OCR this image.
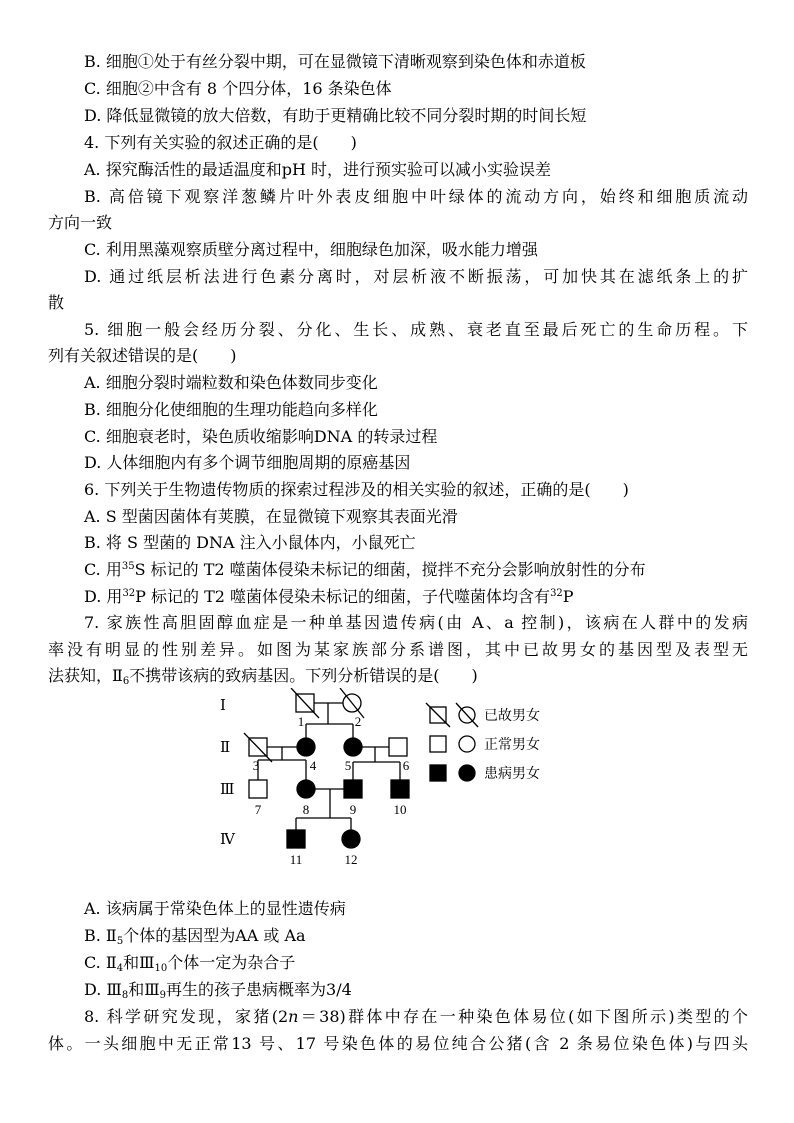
B. 细胞①处于有丝分裂中期，可在显微镜下清晰观察到染色体和赤道板
C. 细胞②中含有 8 个四分体，16 条染色体
D. 降低显微镜的放大倍数，有助于更精确比较不同分裂时期的时间长短
4. 下列有关实验的叙述正确的是(　　)
A. 探究酶活性的最适温度和pH 时，进行预实验可以减小实验误差
B. 高倍镜下观察洋葱鳞片叶外表皮细胞中叶绿体的流动方向，始终和细胞质流动
方向一致
C. 利用黑藻观察质壁分离过程中，细胞绿色加深，吸水能力增强
D. 通过纸层析法进行色素分离时，对层析液不断振荡，可加快其在滤纸条上的扩
散
5. 细胞一般会经历分裂、分化、生长、成熟、衰老直至最后死亡的生命历程。下
列有关叙述错误的是(　　)
A. 细胞分裂时端粒数和染色体数同步变化
B. 细胞分化使细胞的生理功能趋向多样化
C. 细胞衰老时，染色质收缩影响DNA 的转录过程
D. 人体细胞内有多个调节细胞周期的原癌基因
6. 下列关于生物遗传物质的探索过程涉及的相关实验的叙述，正确的是(　　)
A. S 型菌因菌体有荚膜，在显微镜下观察其表面光滑
B. 将 S 型菌的 DNA 注入小鼠体内，小鼠死亡
C. 用$^{35}$S 标记的 T2 噬菌体侵染未标记的细菌，搅拌不充分会影响放射性的分布
D. 用$^{32}$P 标记的 T2 噬菌体侵染未标记的细菌，子代噬菌体均含有$^{32}$P
7. 家族性高胆固醇血症是一种单基因遗传病(由 A、a 控制)，该病在人群中的发病
率没有明显的性别差异。如图为某家族部分系谱图，其中已故男女的基因型及表型无
法获知，$Ⅱ_6$不携带该病的致病基因。下列分析错误的是(　　)
Ⅰ
Ⅱ
Ⅲ
Ⅳ
1	2
3	4 5	6
7	8	9	10
11	12
已故男女
正常男女
患病男女
A. 该病属于常染色体上的显性遗传病
B. $Ⅱ_5$个体的基因型为AA 或 Aa
C. $Ⅱ_4$和$Ⅲ_{10}$个体一定为杂合子
D. $Ⅲ_8$和$Ⅲ_9$再生的孩子患病概率为3/4
8. 科学研究发现，家猪(2n＝38)群体中存在一种染色体易位(如下图所示)类型的个
体。一头细胞中无正常13 号、17 号染色体的易位纯合公猪(含 2 条易位染色体)与四头
